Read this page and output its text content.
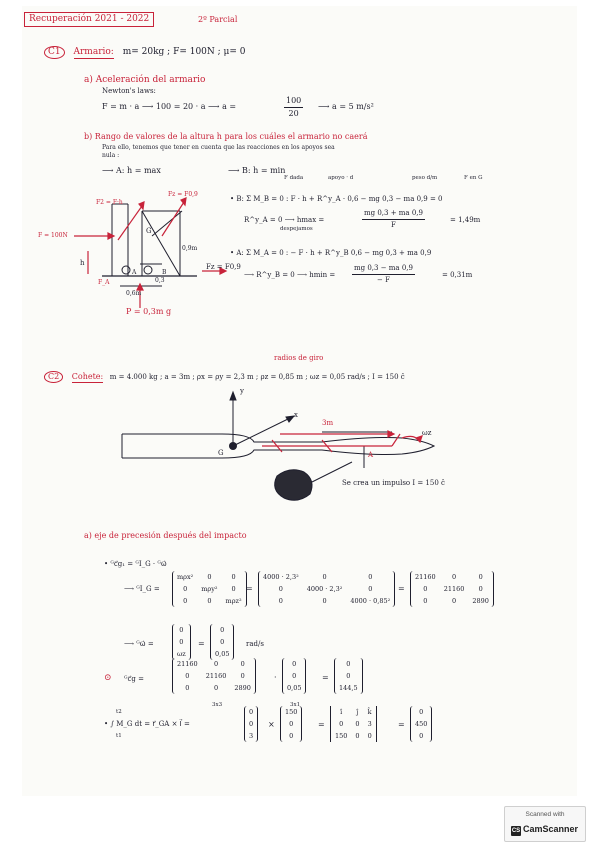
Recuperación 2021 - 2022	2º Parcial
C1 Armario: m= 20kg ; F= 100N ; μ= 0
a) Aceleración del armario
Newton's laws:
F = m · a ⟶ 100 = 20 · a ⟶ a =	$\frac{100}{20}$ ⟶ a = 5 m/s²
b) Rango de valores de la altura h para los cuáles el armario no caerá
Para ello, tenemos que tener en cuenta que las reacciones en los apoyos sea
nula :
⟶ A: h = max	⟶ B: h = min
F = 100N
F2 = F·h
Fz = F0,9
G
h
0,9m
0,3
0,6m
A	B
F_A
Fz = F0,9
P = 0,3m g
F dada	apoyo · d	peso d/m	F en G
• B: Σ M_B = 0 : F · h + R^y_A · 0,6 − mg 0,3 − ma 0,9 = 0
R^y_A = 0 ⟶ hmax =
despejamos	$\frac{mg 0,3 + ma 0,9}{F}$	= 1,49m
• A: Σ M_A = 0 : − F · h + R^y_B 0,6 − mg 0,3 + ma 0,9
⟶ R^y_B = 0 ⟶ $hmin = \frac{mg 0,3 - ma 0,9}{- F}$	= 0,31m
radios de giro
C2 Cohete: m = 4.000 kg ; a = 3m ; ρx = ρy = 2,3 m ; ρz = 0,85 m ; ωz = 0,05 rad/s ; I = 150 ĉ
y
x
3m
G	A
ωz
Se crea un impulso I = 150 ĉ
a) eje de precesión después del impacto
• ᴳc⃗g₁ = ᴳI_G · ᴳω⃗
⟶ ᴳI_G =
mρx²	0	0
0	mρy²	0
0	0	mρz²
=
4000 · 2,3²	0	0
0	4000 · 2,3²	0
0	0	4000 · 0,85²
=
21160	0	0
0	21160	0
0	0	2890
⟶ ᴳω⃗ =
0
0
ωz
=
0
0
0,05
rad/s
⊙ ᴳc⃗g =
21160	0	0
0	21160	0
0	0	2890
·
0
0
0,05
=
0
0
144,5
3x3	3x1
t2
t1
• ∫ M_G dt = r⃗_GA × I⃗ =
0
0
3
×
150
0
0
=
î	ĵ	k̂
0	0	3
150	0	0
=
0
450
0
Scanned with
CS CamScanner
